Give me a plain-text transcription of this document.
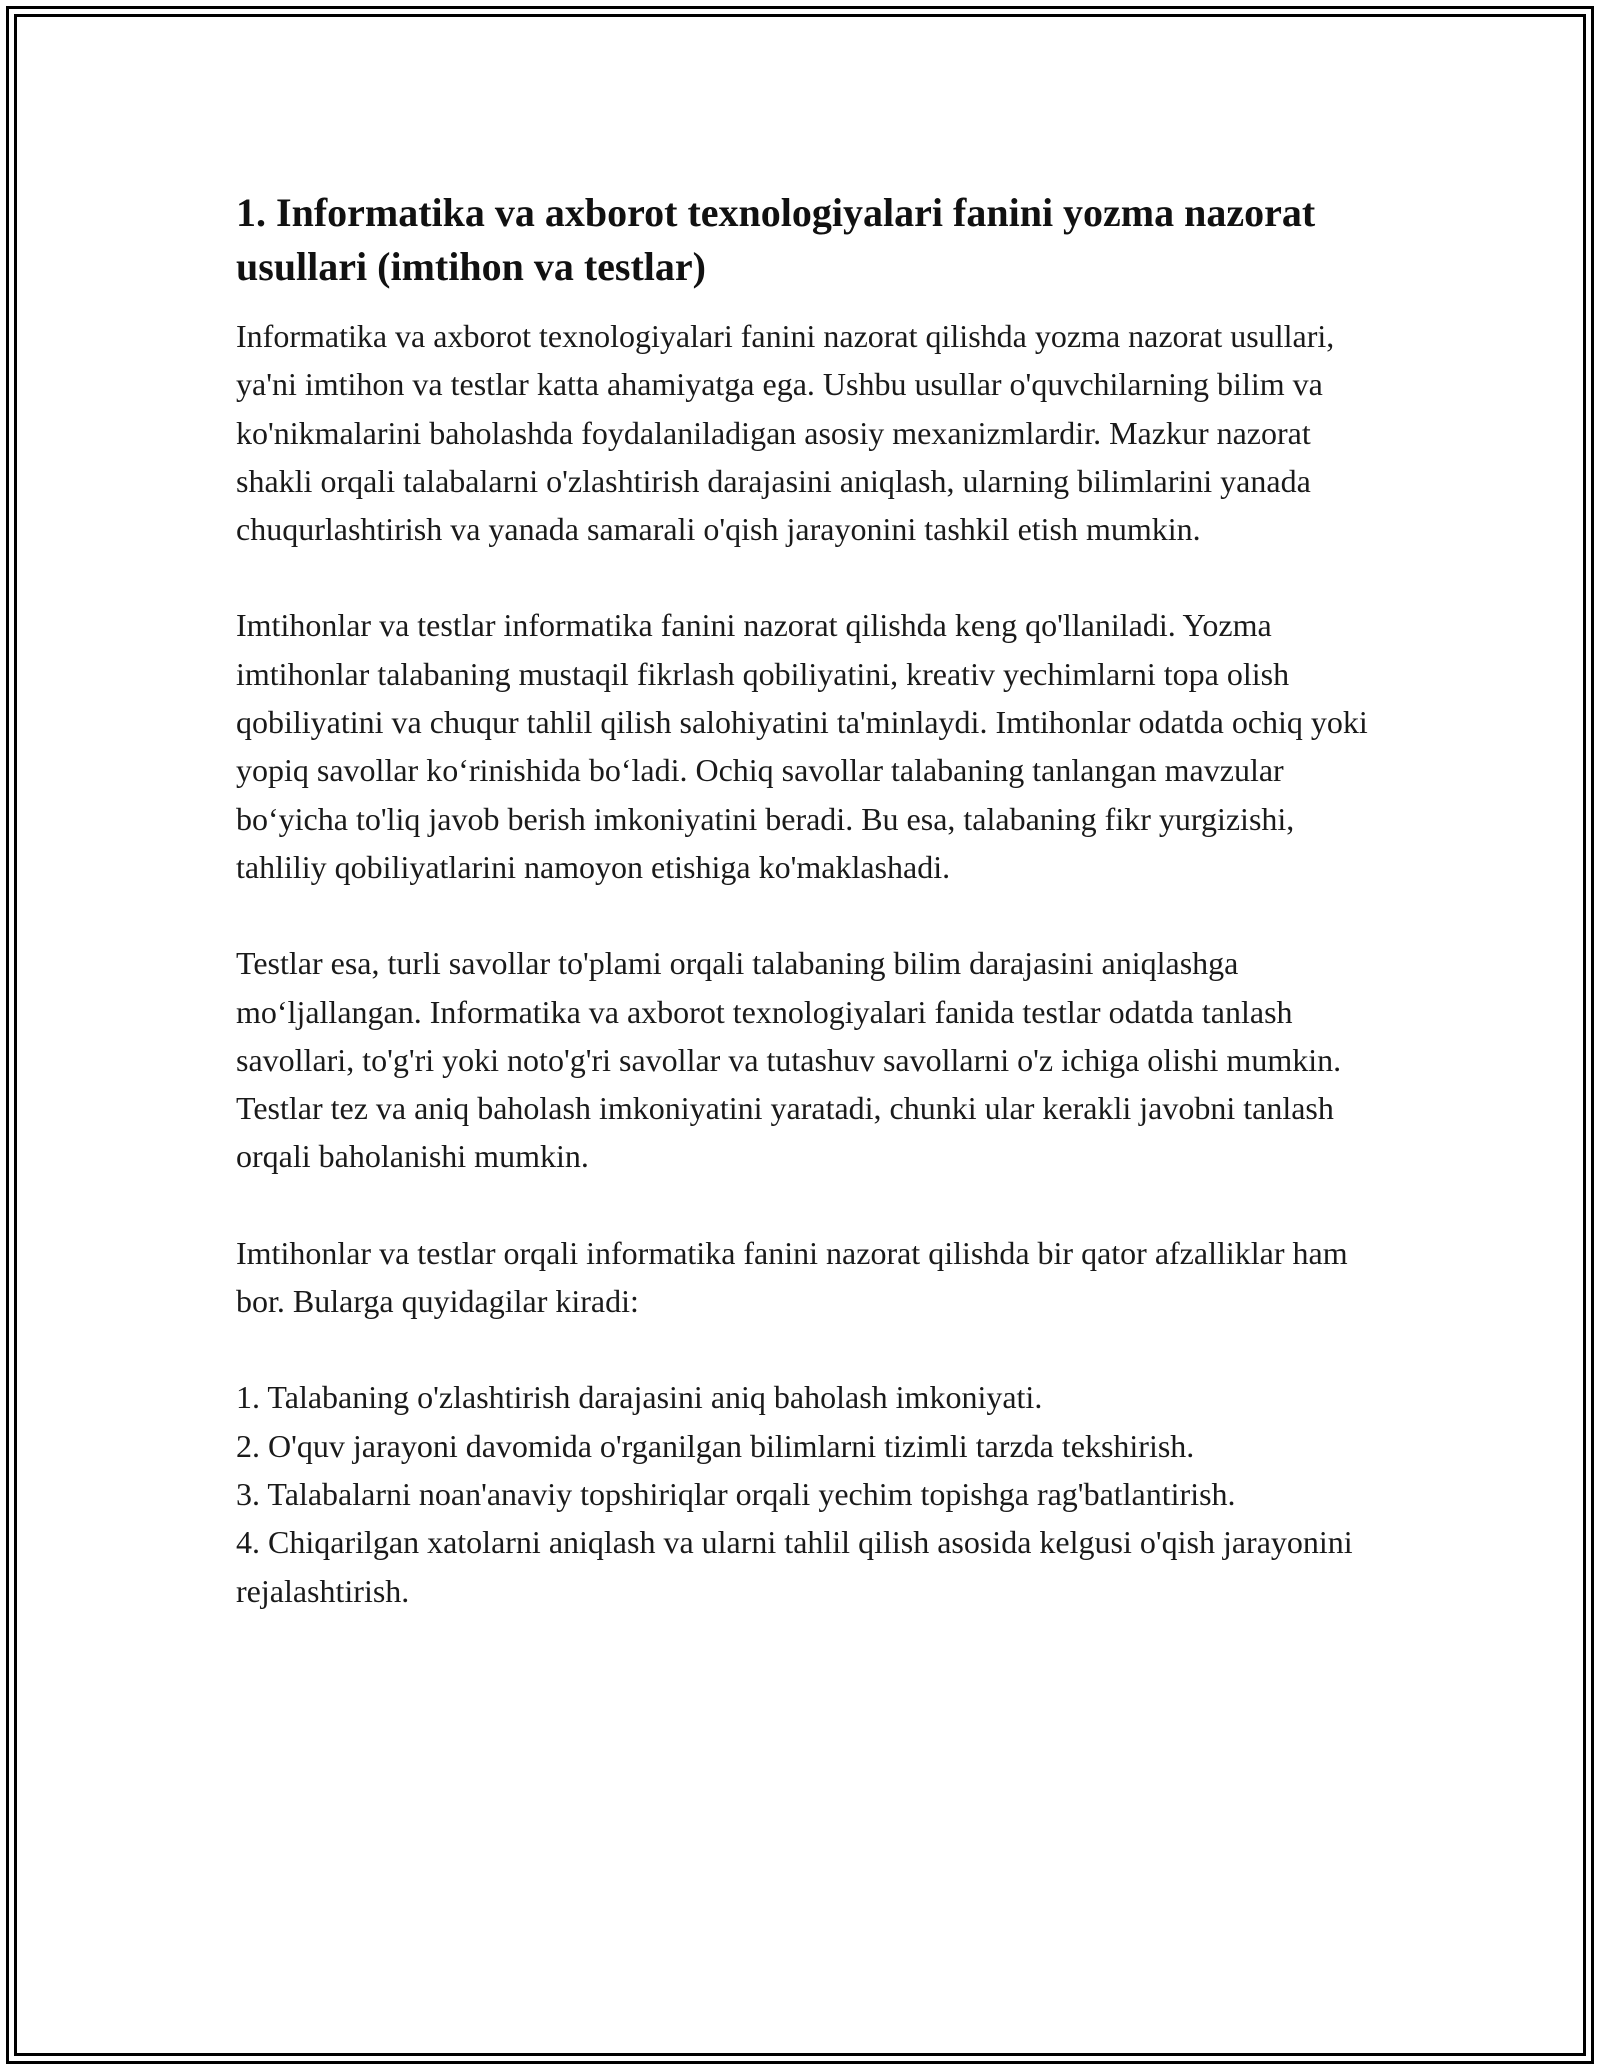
1. Informatika va axborot texnologiyalari fanini yozma nazorat usullari (imtihon va testlar)

Informatika va axborot texnologiyalari fanini nazorat qilishda yozma nazorat usullari, ya'ni imtihon va testlar katta ahamiyatga ega. Ushbu usullar o'quvchilarning bilim va ko'nikmalarini baholashda foydalaniladigan asosiy mexanizmlardir. Mazkur nazorat shakli orqali talabalarni o'zlashtirish darajasini aniqlash, ularning bilimlarini yanada chuqurlashtirish va yanada samarali o'qish jarayonini tashkil etish mumkin.

Imtihonlar va testlar informatika fanini nazorat qilishda keng qo'llaniladi. Yozma imtihonlar talabaning mustaqil fikrlash qobiliyatini, kreativ yechimlarni topa olish qobiliyatini va chuqur tahlil qilish salohiyatini ta'minlaydi. Imtihonlar odatda ochiq yoki yopiq savollar ko‘rinishida bo‘ladi. Ochiq savollar talabaning tanlangan mavzular bo‘yicha to'liq javob berish imkoniyatini beradi. Bu esa, talabaning fikr yurgizishi, tahliliy qobiliyatlarini namoyon etishiga ko'maklashadi.

Testlar esa, turli savollar to'plami orqali talabaning bilim darajasini aniqlashga mo‘ljallangan. Informatika va axborot texnologiyalari fanida testlar odatda tanlash savollari, to'g'ri yoki noto'g'ri savollar va tutashuv savollarni o'z ichiga olishi mumkin. Testlar tez va aniq baholash imkoniyatini yaratadi, chunki ular kerakli javobni tanlash orqali baholanishi mumkin.

Imtihonlar va testlar orqali informatika fanini nazorat qilishda bir qator afzalliklar ham bor. Bularga quyidagilar kiradi:

1. Talabaning o'zlashtirish darajasini aniq baholash imkoniyati.
2. O'quv jarayoni davomida o'rganilgan bilimlarni tizimli tarzda tekshirish.
3. Talabalarni noan'anaviy topshiriqlar orqali yechim topishga rag'batlantirish.
4. Chiqarilgan xatolarni aniqlash va ularni tahlil qilish asosida kelgusi o'qish jarayonini rejalashtirish.
